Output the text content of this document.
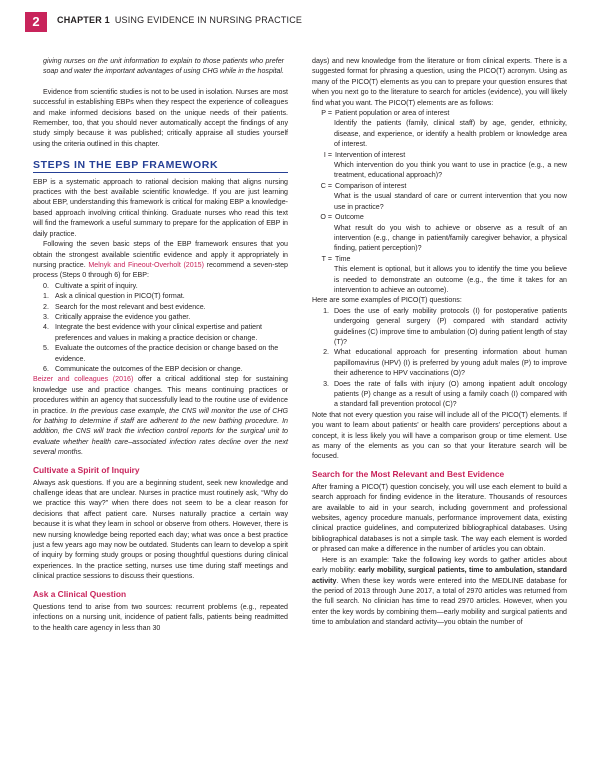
2	CHAPTER 1 USING EVIDENCE IN NURSING PRACTICE

giving nurses on the unit information to explain to those patients who prefer soap and water the important advantages of using CHG while in the hospital.

Evidence from scientific studies is not to be used in isolation. Nurses are most successful in establishing EBPs when they respect the experience of colleagues and make informed decisions based on the unique needs of their patients. Remember, too, that you should never automatically accept the findings of any study simply because it was published; critically appraise all studies yourself using the criteria outlined in this chapter.

STEPS IN THE EBP FRAMEWORK

EBP is a systematic approach to rational decision making that aligns nursing practices with the best available scientific knowledge. If you are just learning about EBP, understanding this framework is critical for making EBP a knowledge-based approach involving critical thinking. Graduate nurses who read this text will find the framework a useful summary to prepare for the application of EBP in daily practice.

Following the seven basic steps of the EBP framework ensures that you obtain the strongest available scientific evidence and apply it appropriately in nursing practice. Melnyk and Fineout-Overholt (2015) recommend a seven-step process (Steps 0 through 6) for EBP:

0. Cultivate a spirit of inquiry.
1. Ask a clinical question in PICO(T) format.
2. Search for the most relevant and best evidence.
3. Critically appraise the evidence you gather.
4. Integrate the best evidence with your clinical expertise and patient preferences and values in making a practice decision or change.
5. Evaluate the outcomes of the practice decision or change based on the evidence.
6. Communicate the outcomes of the EBP decision or change.

Beizer and colleagues (2016) offer a critical additional step for sustaining knowledge use and practice changes. This means continuing practices or procedures within an agency that successfully lead to the routine use of evidence in practice. In the previous case example, the CNS will monitor the use of CHG for bathing to determine if staff are adherent to the new bathing procedure. In addition, the CNS will track the infection control reports for the surgical unit to evaluate whether health care–associated infection rates decline over the next several months.

Cultivate a Spirit of Inquiry

Always ask questions. If you are a beginning student, seek new knowledge and challenge ideas that are unclear. Nurses in practice must routinely ask, “Why do we practice this way?” when there does not seem to be a clear reason for decisions that affect patient care. Nurses naturally practice a certain way because it is what they learn in school or observe from others. However, there is new nursing knowledge being reported each day; what was once a best practice just a few years ago may now be outdated. Students can learn to develop a spirit of inquiry by forming study groups or posing thoughtful questions during clinical experiences. In the practice setting, nurses use time during staff meetings and clinical practice sessions to discuss their questions.

Ask a Clinical Question

Questions tend to arise from two sources: recurrent problems (e.g., repeated infections on a nursing unit, incidence of patient falls, patients being readmitted to the health care agency in less than 30

days) and new knowledge from the literature or from clinical experts. There is a suggested format for phrasing a question, using the PICO(T) acronym. Using as many of the PICO(T) elements as you can to prepare your question ensures that when you next go to the literature to search for articles (evidence), you will likely find what you want. The PICO(T) elements are as follows:

P = Patient population or area of interest

Identify the patients (family, clinical staff) by age, gender, ethnicity, disease, and experience, or identify a health problem or knowledge area of interest.

I = Intervention of interest

Which intervention do you think you want to use in practice (e.g., a new treatment, educational approach)?

C = Comparison of interest

What is the usual standard of care or current intervention that you now use in practice?

O = Outcome

What result do you wish to achieve or observe as a result of an intervention (e.g., change in patient/family caregiver behavior, a physical finding, patient perception)?

T = Time

This element is optional, but it allows you to identify the time you believe is needed to demonstrate an outcome (e.g., the time it takes for an intervention to achieve an outcome).

Here are some examples of PICO(T) questions:

1. Does the use of early mobility protocols (I) for postoperative patients undergoing general surgery (P) compared with standard activity guidelines (C) improve time to ambulation (O) during patient length of stay (T)?

2. What educational approach for presenting information about human papillomavirus (HPV) (I) is preferred by young adult males (P) to improve their adherence to HPV vaccinations (O)?

3. Does the rate of falls with injury (O) among inpatient adult oncology patients (P) change as a result of using a family coach (I) compared with a standard fall prevention protocol (C)?

Note that not every question you raise will include all of the PICO(T) elements. If you want to learn about patients’ or health care providers’ perceptions about a concept, it is less likely you will have a comparison group or time element. Use as many of the elements as you can so that your literature search will be focused.

Search for the Most Relevant and Best Evidence

After framing a PICO(T) question concisely, you will use each element to build a search approach for finding evidence in the literature. Thousands of resources are available to aid in your search, including government and professional websites, agency procedure manuals, performance improvement data, existing clinical practice guidelines, and computerized bibliographical databases. Using bibliographical databases is not a simple task. The way each element is worded or phrased can make a difference in the number of articles you can obtain.

Here is an example: Take the following key words to gather articles about early mobility: early mobility, surgical patients, time to ambulation, standard activity. When these key words were entered into the MEDLINE database for the period of 2013 through June 2017, a total of 2970 articles was returned from the full search. No clinician has time to read 2970 articles. However, when you enter the key words by combining them—early mobility and surgical patients and time to ambulation and standard activity—you obtain the number of
